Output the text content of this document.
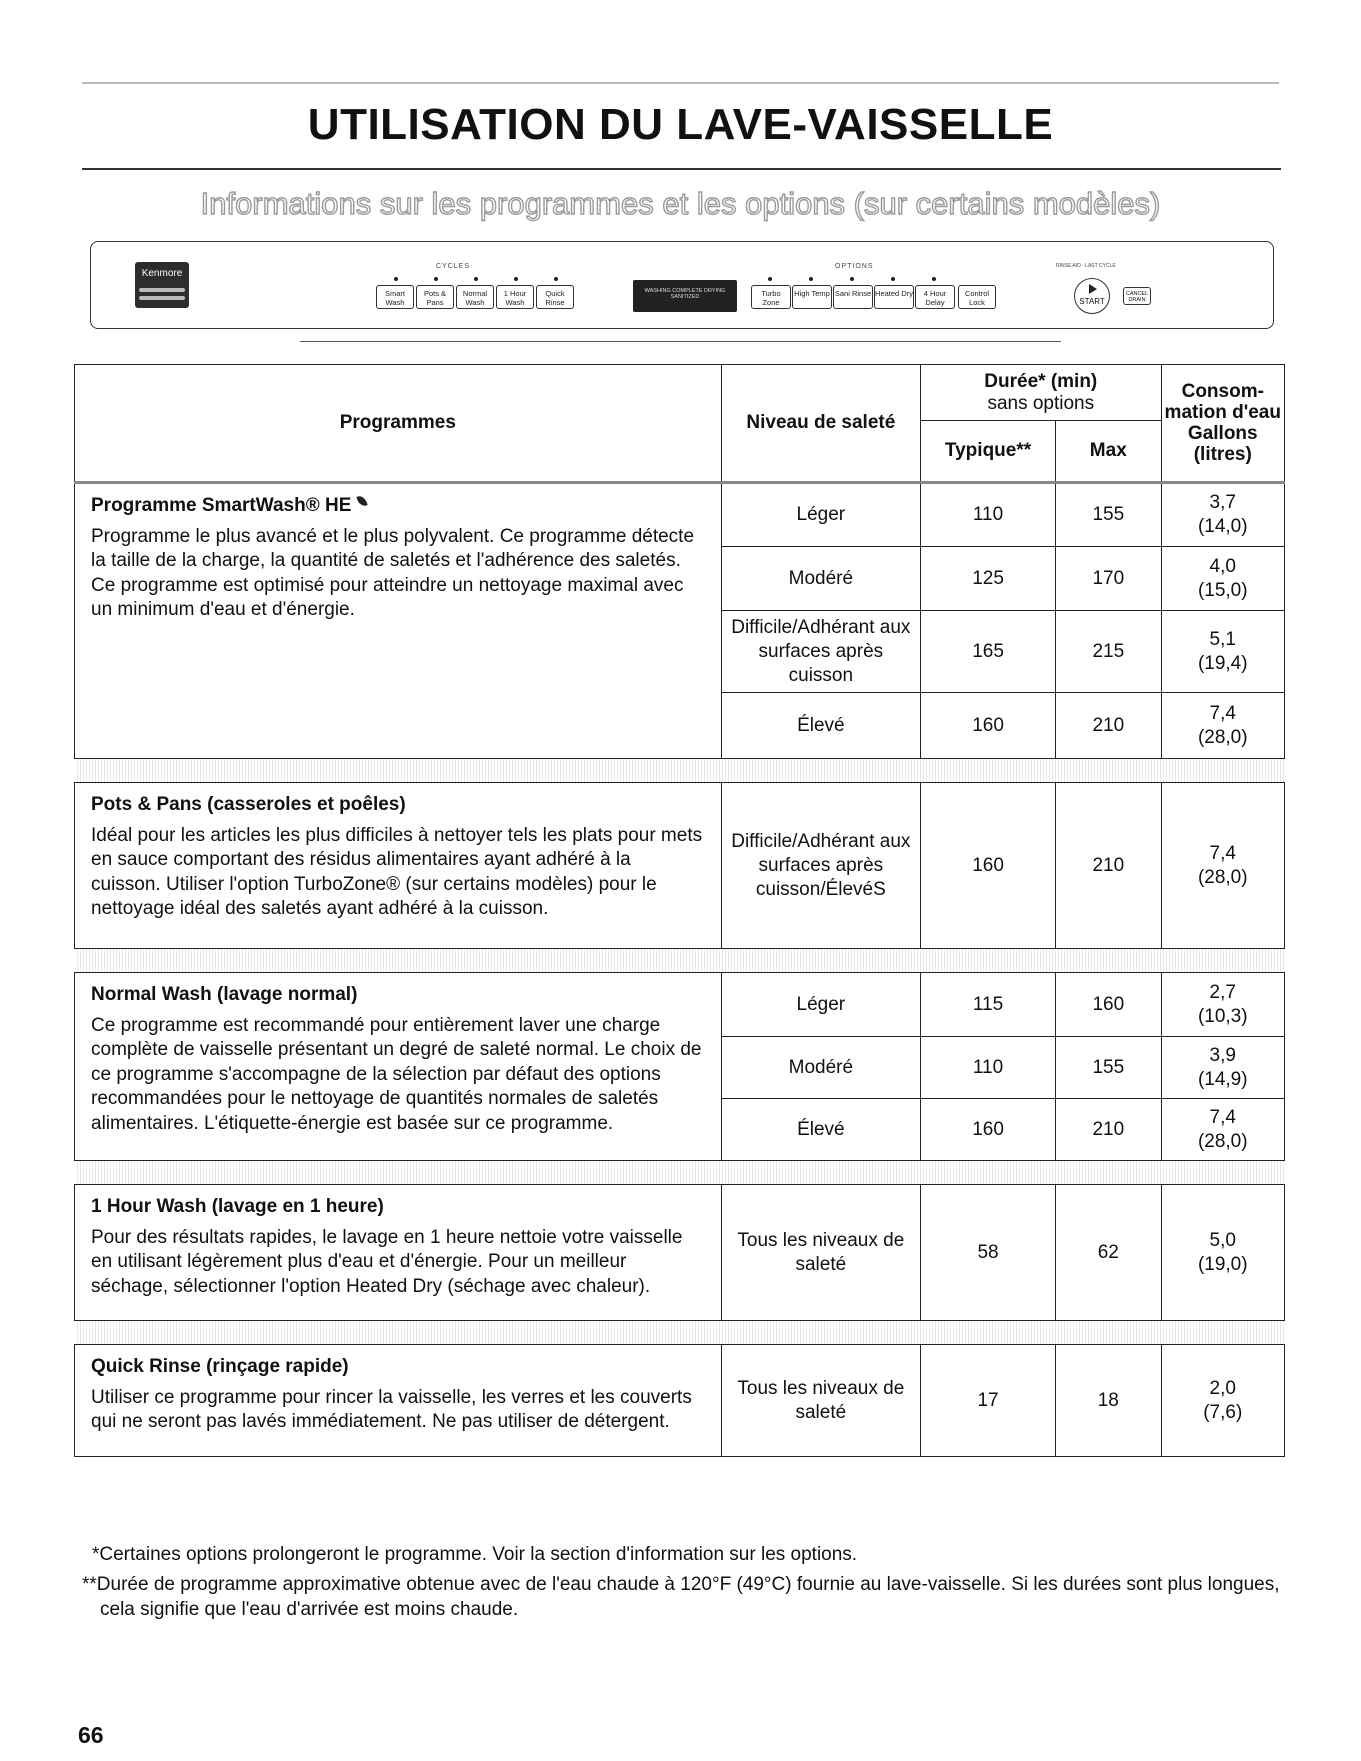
UTILISATION DU LAVE-VAISSELLE
Informations sur les programmes et les options (sur certains modèles)
Kenmore
CYCLES	OPTIONS	RINSE AID · LAST CYCLE
Smart Wash
Pots & Pans
Normal Wash
1 Hour Wash
Quick Rinse
WASHING COMPLETE DRYING SANITIZED	Turbo Zone
High Temp Sani Rinse Heated Dry	4 Hour Delay
Control Lock	START
CANCEL DRAIN
Programmes	Niveau de saleté	Durée* (min)
sans options		Consom-mation d'eau Gallons (litres)
		Typique**	Max	

Programme SmartWash® HE
Programme le plus avancé et le plus polyvalent. Ce programme détecte la taille de la charge, la quantité de saletés et l'adhérence des saletés. Ce programme est optimisé pour atteindre un nettoyage maximal avec un minimum d'eau et d'énergie.	Léger	110	155	3,7
(14,0)
	Modéré	125	170	4,0
(15,0)
	Difficile/Adhérant aux surfaces après cuisson	165	215	5,1
(19,4)
	Élevé	160	210	7,4
(28,0)

Pots & Pans (casseroles et poêles)
Idéal pour les articles les plus difficiles à nettoyer tels les plats pour mets en sauce comportant des résidus alimentaires ayant adhéré à la cuisson. Utiliser l'option TurboZone® (sur certains modèles) pour le nettoyage idéal des saletés ayant adhéré à la cuisson.	Difficile/Adhérant aux surfaces après cuisson/ÉlevéS	160	210	7,4
(28,0)

Normal Wash (lavage normal)
Ce programme est recommandé pour entièrement laver une charge complète de vaisselle présentant un degré de saleté normal. Le choix de ce programme s'accompagne de la sélection par défaut des options recommandées pour le nettoyage de quantités normales de saletés alimentaires. L'étiquette-énergie est basée sur ce programme.	Léger	115	160	2,7
(10,3)
	Modéré	110	155	3,9
(14,9)
	Élevé	160	210	7,4
(28,0)

1 Hour Wash (lavage en 1 heure)
Pour des résultats rapides, le lavage en 1 heure nettoie votre vaisselle en utilisant légèrement plus d'eau et d'énergie. Pour un meilleur séchage, sélectionner l'option Heated Dry (séchage avec chaleur).	Tous les niveaux de saleté	58	62	5,0
(19,0)

Quick Rinse (rinçage rapide)
Utiliser ce programme pour rincer la vaisselle, les verres et les couverts qui ne seront pas lavés immédiatement. Ne pas utiliser de détergent.	Tous les niveaux de saleté	17	18	2,0
(7,6)

*Certaines options prolongeront le programme. Voir la section d'information sur les options.

**Durée de programme approximative obtenue avec de l'eau chaude à 120°F (49°C) fournie au lave-vaisselle. Si les durées sont plus longues, cela signifie que l'eau d'arrivée est moins chaude.

66
